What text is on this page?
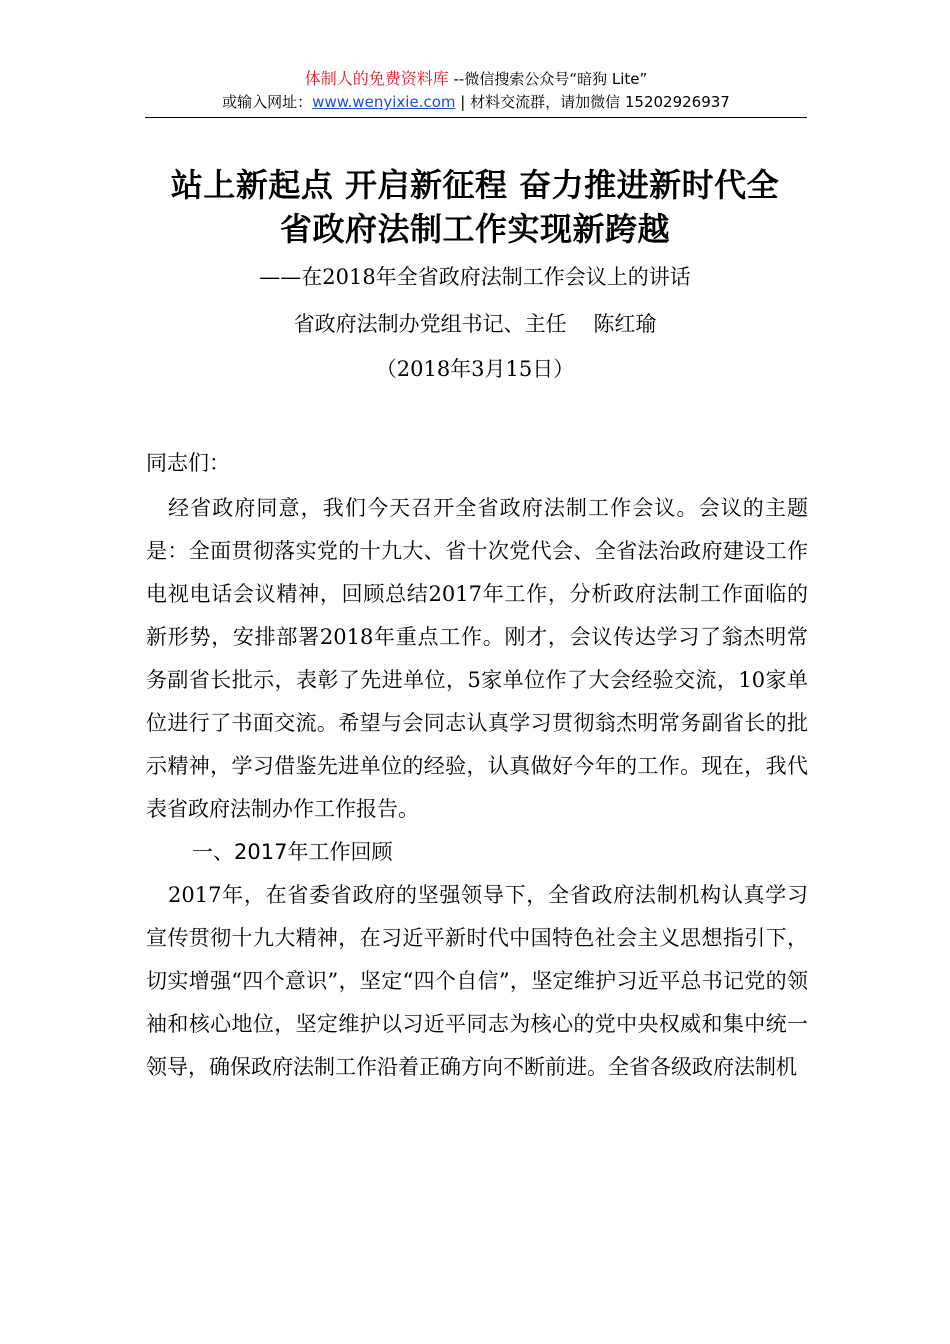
体制人的免费资料库 --微信搜索公众号“暗狗 Lite”
或输入网址：www.wenyixie.com | 材料交流群，请加微信 15202926937
站上新起点 开启新征程 奋力推进新时代全
省政府法制工作实现新跨越
——在2018年全省政府法制工作会议上的讲话
省政府法制办党组书记、主任    陈红瑜
（2018年3月15日）

同志们：

经省政府同意，我们今天召开全省政府法制工作会议。会议的主题是：全面贯彻落实党的十九大、省十次党代会、全省法治政府建设工作电视电话会议精神，回顾总结2017年工作，分析政府法制工作面临的新形势，安排部署2018年重点工作。刚才，会议传达学习了翁杰明常务副省长批示，表彰了先进单位，5家单位作了大会经验交流，10家单位进行了书面交流。希望与会同志认真学习贯彻翁杰明常务副省长的批示精神，学习借鉴先进单位的经验，认真做好今年的工作。现在，我代表省政府法制办作工作报告。

一、2017年工作回顾

2017年，在省委省政府的坚强领导下，全省政府法制机构认真学习宣传贯彻十九大精神，在习近平新时代中国特色社会主义思想指引下，切实增强“四个意识”，坚定“四个自信”，坚定维护习近平总书记党的领袖和核心地位，坚定维护以习近平同志为核心的党中央权威和集中统一领导，确保政府法制工作沿着正确方向不断前进。全省各级政府法制机
